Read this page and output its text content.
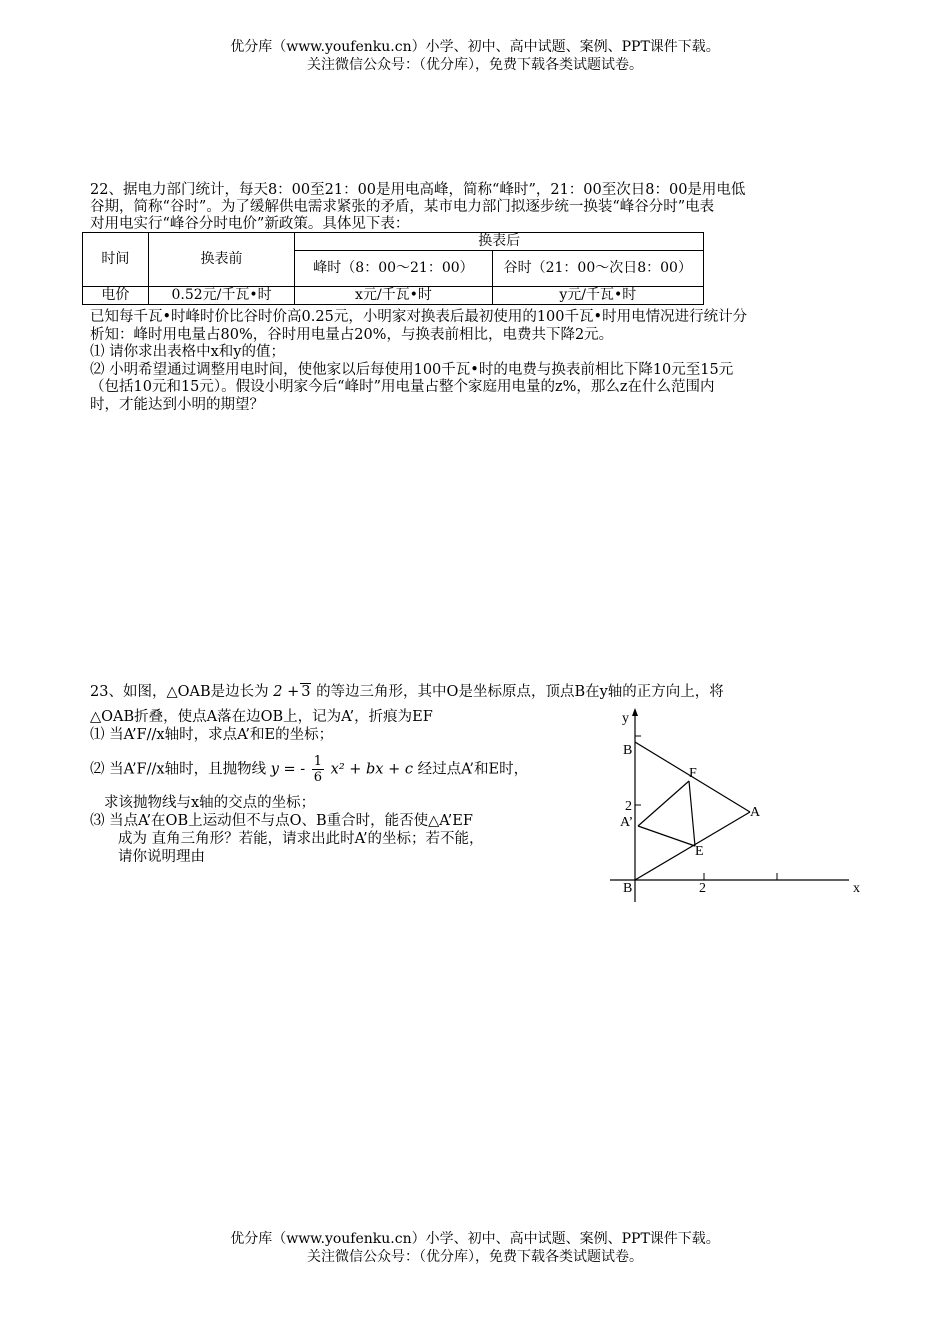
优分库（www.youfenku.cn）小学、初中、高中试题、案例、PPT课件下载。
关注微信公众号：（优分库），免费下载各类试题试卷。
22、据电力部门统计，每天8：00至21：00是用电高峰，简称“峰时”，21：00至次日8：00是用电低
谷期，简称“谷时”。为了缓解供电需求紧张的矛盾，某市电力部门拟逐步统一换装“峰谷分时”电表
对用电实行“峰谷分时电价”新政策。具体见下表：
时间	换表前	换表后	
		峰时（8：00～21：00）	谷时（21：00～次日8：00）
电价	0.52元/千瓦•时	x元/千瓦•时	y元/千瓦•时
已知每千瓦•时峰时价比谷时价高0.25元，小明家对换表后最初使用的100千瓦•时用电情况进行统计分
析知：峰时用电量占80%，谷时用电量占20%，与换表前相比，电费共下降2元。
⑴ 请你求出表格中x和y的值；
⑵ 小明希望通过调整用电时间，使他家以后每使用100千瓦•时的电费与换表前相比下降10元至15元
（包括10元和15元）。假设小明家今后“峰时”用电量占整个家庭用电量的z%，那么z在什么范围内
时，才能达到小明的期望？
23、如图，△OAB是边长为 2 + 3 的等边三角形，其中O是坐标原点，顶点B在y轴的正方向上，将
△OAB折叠，使点A落在边OB上，记为A’，折痕为EF
⑴ 当A’F//x轴时，求点A’和E的坐标；
⑵ 当A’F//x轴时，且抛物线 y = - $\frac{1}{6} x^2$ + bx + c 经过点A’和E时，
求该抛物线与x轴的交点的坐标；
⑶ 当点A’在OB上运动但不与点O、B重合时，能否使△A’EF
成为 直角三角形？若能，请求出此时A’的坐标；若不能，
请你说明理由
y
x
B
B
F
A
A’
E
2
2
优分库（www.youfenku.cn）小学、初中、高中试题、案例、PPT课件下载。
关注微信公众号：（优分库），免费下载各类试题试卷。
